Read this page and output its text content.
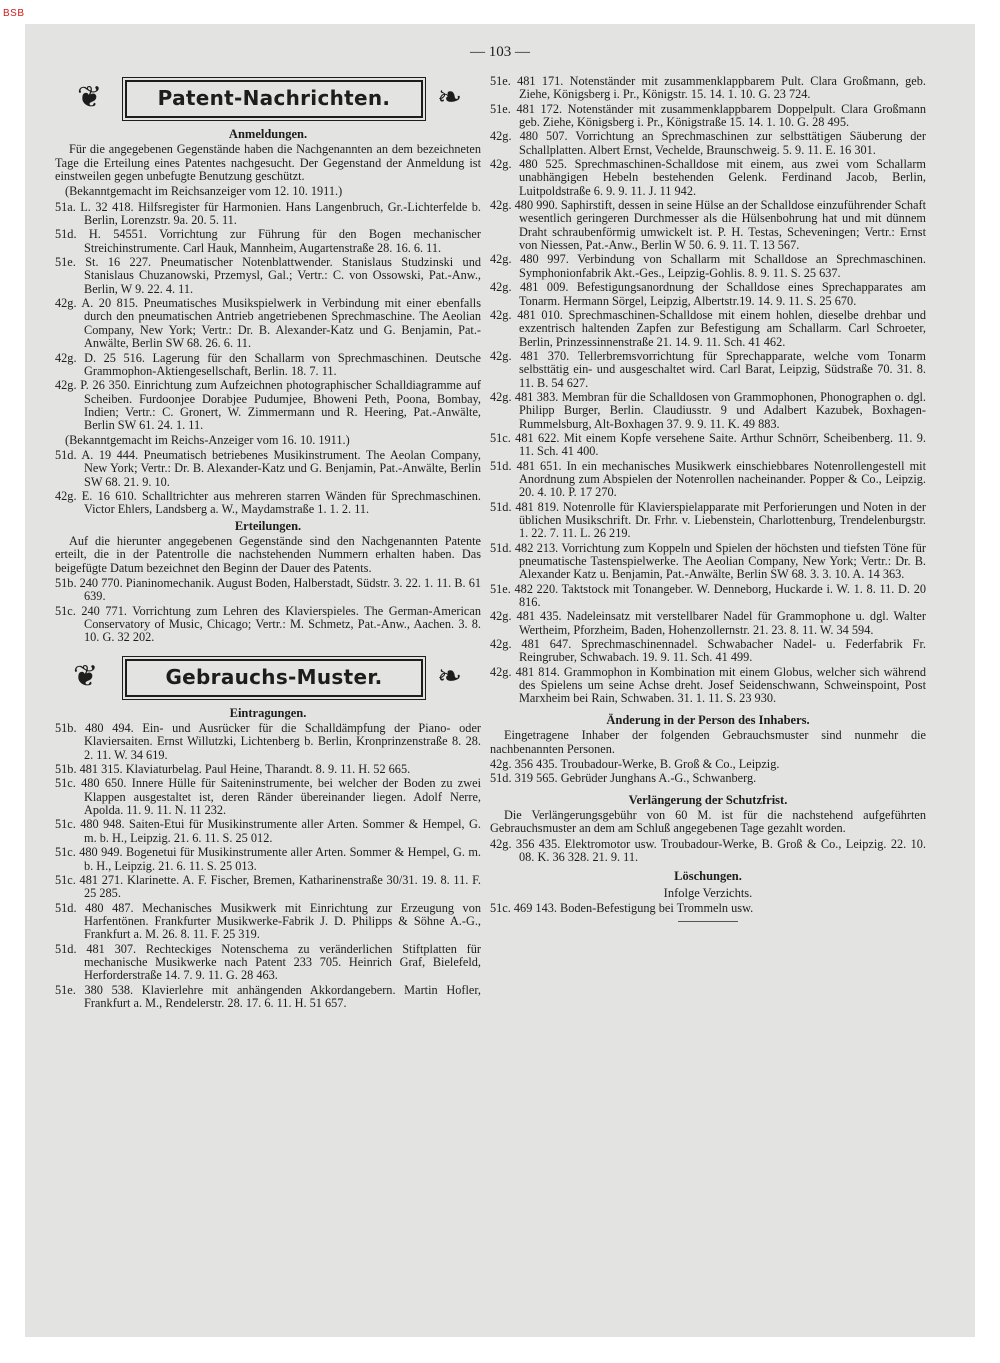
BSB
— 103 —
❦	Patent-Nachrichten.	❧
Anmeldungen.

Für die angegebenen Gegenstände haben die Nachgenannten an dem bezeichneten Tage die Erteilung eines Patentes nachgesucht. Der Gegenstand der Anmeldung ist einstweilen gegen unbefugte Benutzung geschützt.

(Bekanntgemacht im Reichsanzeiger vom 12. 10. 1911.)

51a. L. 32 418. Hilfsregister für Harmonien. Hans Langenbruch, Gr.-Lichterfelde b. Berlin, Lorenzstr. 9a. 20. 5. 11.

51d. H. 54551. Vorrichtung zur Führung für den Bogen mechanischer Streichinstrumente. Carl Hauk, Mannheim, Augartenstraße 28. 16. 6. 11.

51e. St. 16 227. Pneumatischer Notenblattwender. Stanislaus Studzinski und Stanislaus Chuzanowski, Przemysl, Gal.; Vertr.: C. von Ossowski, Pat.-Anw., Berlin, W 9. 22. 4. 11.

42g. A. 20 815. Pneumatisches Musikspielwerk in Verbindung mit einer ebenfalls durch den pneumatischen Antrieb angetriebenen Sprechmaschine. The Aeolian Company, New York; Vertr.: Dr. B. Alexander-Katz und G. Benjamin, Pat.-Anwälte, Berlin SW 68. 26. 6. 11.

42g. D. 25 516. Lagerung für den Schallarm von Sprechmaschinen. Deutsche Grammophon-Aktiengesellschaft, Berlin. 18. 7. 11.

42g. P. 26 350. Einrichtung zum Aufzeichnen photographischer Schalldiagramme auf Scheiben. Furdoonjee Dorabjee Pudumjee, Bhoweni Peth, Poona, Bombay, Indien; Vertr.: C. Gronert, W. Zimmermann und R. Heering, Pat.-Anwälte, Berlin SW 61. 24. 1. 11.

(Bekanntgemacht im Reichs-Anzeiger vom 16. 10. 1911.)

51d. A. 19 444. Pneumatisch betriebenes Musikinstrument. The Aeolan Company, New York; Vertr.: Dr. B. Alexander-Katz und G. Benjamin, Pat.-Anwälte, Berlin SW 68. 21. 9. 10.

42g. E. 16 610. Schalltrichter aus mehreren starren Wänden für Sprechmaschinen. Victor Ehlers, Landsberg a. W., Maydamstraße 1. 1. 2. 11.

Erteilungen.

Auf die hierunter angegebenen Gegenstände sind den Nachgenannten Patente erteilt, die in der Patentrolle die nachstehenden Nummern erhalten haben. Das beigefügte Datum bezeichnet den Beginn der Dauer des Patents.

51b. 240 770. Pianinomechanik. August Boden, Halberstadt, Südstr. 3. 22. 1. 11. B. 61 639.

51c. 240 771. Vorrichtung zum Lehren des Klavierspieles. The German-American Conservatory of Music, Chicago; Vertr.: M. Schmetz, Pat.-Anw., Aachen. 3. 8. 10. G. 32 202.

❦	Gebrauchs-Muster.	❧
Eintragungen.

51b. 480 494. Ein- und Ausrücker für die Schalldämpfung der Piano- oder Klaviersaiten. Ernst Willutzki, Lichtenberg b. Berlin, Kronprinzenstraße 8. 28. 2. 11. W. 34 619.

51b. 481 315. Klaviaturbelag. Paul Heine, Tharandt. 8. 9. 11. H. 52 665.

51c. 480 650. Innere Hülle für Saiteninstrumente, bei welcher der Boden zu zwei Klappen ausgestaltet ist, deren Ränder übereinander liegen. Adolf Nerre, Apolda. 11. 9. 11. N. 11 232.

51c. 480 948. Saiten-Etui für Musikinstrumente aller Arten. Sommer & Hempel, G. m. b. H., Leipzig. 21. 6. 11. S. 25 012.

51c. 480 949. Bogenetui für Musikinstrumente aller Arten. Sommer & Hempel, G. m. b. H., Leipzig. 21. 6. 11. S. 25 013.

51c. 481 271. Klarinette. A. F. Fischer, Bremen, Katharinenstraße 30/31. 19. 8. 11. F. 25 285.

51d. 480 487. Mechanisches Musikwerk mit Einrichtung zur Erzeugung von Harfentönen. Frankfurter Musikwerke-Fabrik J. D. Philipps & Söhne A.-G., Frankfurt a. M. 26. 8. 11. F. 25 319.

51d. 481 307. Rechteckiges Notenschema zu veränderlichen Stiftplatten für mechanische Musikwerke nach Patent 233 705. Heinrich Graf, Bielefeld, Herforderstraße 14. 7. 9. 11. G. 28 463.

51e. 380 538. Klavierlehre mit anhängenden Akkordangebern. Martin Hofler, Frankfurt a. M., Rendelerstr. 28. 17. 6. 11. H. 51 657.

51e. 481 171. Notenständer mit zusammenklappbarem Pult. Clara Großmann, geb. Ziehe, Königsberg i. Pr., Königstr. 15. 14. 1. 10. G. 23 724.

51e. 481 172. Notenständer mit zusammenklappbarem Doppelpult. Clara Großmann geb. Ziehe, Königsberg i. Pr., Königstraße 15. 14. 1. 10. G. 28 495.

42g. 480 507. Vorrichtung an Sprechmaschinen zur selbsttätigen Säuberung der Schallplatten. Albert Ernst, Vechelde, Braunschweig. 5. 9. 11. E. 16 301.

42g. 480 525. Sprechmaschinen-Schalldose mit einem, aus zwei vom Schallarm unabhängigen Hebeln bestehenden Gelenk. Ferdinand Jacob, Berlin, Luitpoldstraße 6. 9. 9. 11. J. 11 942.

42g. 480 990. Saphirstift, dessen in seine Hülse an der Schalldose einzuführender Schaft wesentlich geringeren Durchmesser als die Hülsenbohrung hat und mit dünnem Draht schraubenförmig umwickelt ist. P. H. Testas, Scheveningen; Vertr.: Ernst von Niessen, Pat.-Anw., Berlin W 50. 6. 9. 11. T. 13 567.

42g. 480 997. Verbindung von Schallarm mit Schalldose an Sprechmaschinen. Symphonionfabrik Akt.-Ges., Leipzig-Gohlis. 8. 9. 11. S. 25 637.

42g. 481 009. Befestigungsanordnung der Schalldose eines Sprechapparates am Tonarm. Hermann Sörgel, Leipzig, Albertstr.19. 14. 9. 11. S. 25 670.

42g. 481 010. Sprechmaschinen-Schalldose mit einem hohlen, dieselbe drehbar und exzentrisch haltenden Zapfen zur Befestigung am Schallarm. Carl Schroeter, Berlin, Prinzessinnenstraße 21. 14. 9. 11. Sch. 41 462.

42g. 481 370. Tellerbremsvorrichtung für Sprechapparate, welche vom Tonarm selbsttätig ein- und ausgeschaltet wird. Carl Barat, Leipzig, Südstraße 70. 31. 8. 11. B. 54 627.

42g. 481 383. Membran für die Schalldosen von Grammophonen, Phonographen o. dgl. Philipp Burger, Berlin. Claudiusstr. 9 und Adalbert Kazubek, Boxhagen-Rummelsburg, Alt-Boxhagen 37. 9. 9. 11. K. 49 883.

51c. 481 622. Mit einem Kopfe versehene Saite. Arthur Schnörr, Scheibenberg. 11. 9. 11. Sch. 41 400.

51d. 481 651. In ein mechanisches Musikwerk einschiebbares Notenrollengestell mit Anordnung zum Abspielen der Notenrollen nacheinander. Popper & Co., Leipzig. 20. 4. 10. P. 17 270.

51d. 481 819. Notenrolle für Klavierspielapparate mit Perforierungen und Noten in der üblichen Musikschrift. Dr. Frhr. v. Liebenstein, Charlottenburg, Trendelenburgstr. 1. 22. 7. 11. L. 26 219.

51d. 482 213. Vorrichtung zum Koppeln und Spielen der höchsten und tiefsten Töne für pneumatische Tastenspielwerke. The Aeolian Company, New York; Vertr.: Dr. B. Alexander Katz u. Benjamin, Pat.-Anwälte, Berlin SW 68. 3. 3. 10. A. 14 363.

51e. 482 220. Taktstock mit Tonangeber. W. Denneborg, Huckarde i. W. 1. 8. 11. D. 20 816.

42g. 481 435. Nadeleinsatz mit verstellbarer Nadel für Grammophone u. dgl. Walter Wertheim, Pforzheim, Baden, Hohenzollernstr. 21. 23. 8. 11. W. 34 594.

42g. 481 647. Sprechmaschinennadel. Schwabacher Nadel- u. Federfabrik Fr. Reingruber, Schwabach. 19. 9. 11. Sch. 41 499.

42g. 481 814. Grammophon in Kombination mit einem Globus, welcher sich während des Spielens um seine Achse dreht. Josef Seidenschwann, Schweinspoint, Post Marxheim bei Rain, Schwaben. 31. 1. 11. S. 23 930.

Änderung in der Person des Inhabers.

Eingetragene Inhaber der folgenden Gebrauchsmuster sind nunmehr die nachbenannten Personen.

42g. 356 435. Troubadour-Werke, B. Groß & Co., Leipzig.

51d. 319 565. Gebrüder Junghans A.-G., Schwanberg.

Verlängerung der Schutzfrist.

Die Verlängerungsgebühr von 60 M. ist für die nachstehend aufgeführten Gebrauchsmuster an dem am Schluß angegebenen Tage gezahlt worden.

42g. 356 435. Elektromotor usw. Troubadour-Werke, B. Groß & Co., Leipzig. 22. 10. 08. K. 36 328. 21. 9. 11.

Löschungen.
Infolge Verzichts.

51c. 469 143. Boden-Befestigung bei Trommeln usw.
